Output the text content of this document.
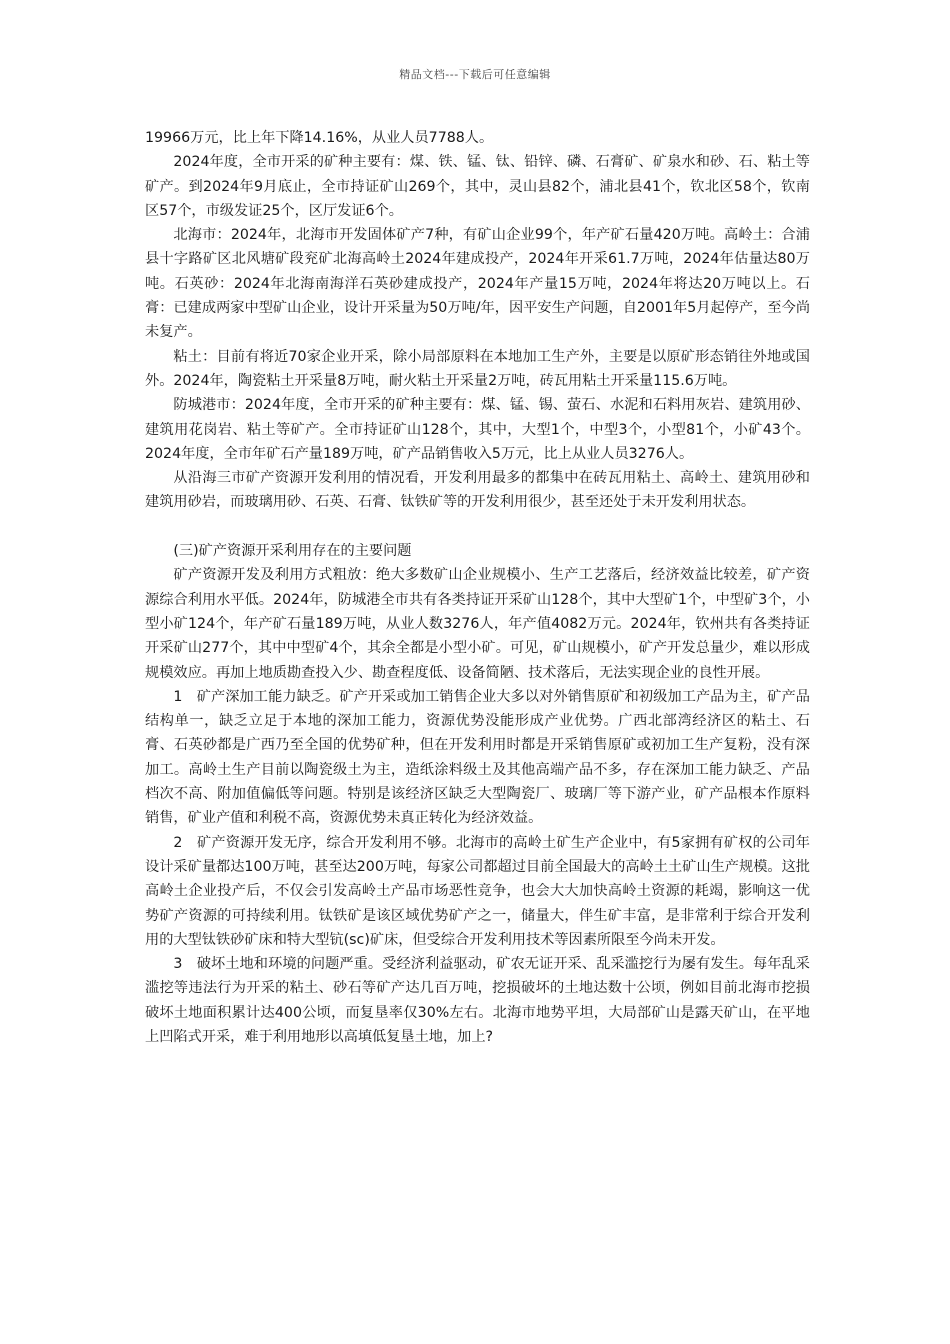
精品文档---下载后可任意编辑

19966万元，比上年下降14.16%，从业人员7788人。

2024年度，全市开采的矿种主要有：煤、铁、锰、钛、铅锌、磷、石膏矿、矿泉水和砂、石、粘土等矿产。到2024年9月底止，全市持证矿山269个，其中，灵山县82个，浦北县41个，钦北区58个，钦南区57个，市级发证25个，区厅发证6个。

北海市：2024年，北海市开发固体矿产7种，有矿山企业99个，年产矿石量420万吨。高岭土：合浦县十字路矿区北风塘矿段兖矿北海高岭土2024年建成投产，2024年开采61.7万吨，2024年估量达80万吨。石英砂：2024年北海南海洋石英砂建成投产，2024年产量15万吨，2024年将达20万吨以上。石膏：已建成两家中型矿山企业，设计开采量为50万吨/年，因平安生产问题，自2001年5月起停产，至今尚未复产。

粘土：目前有将近70家企业开采，除小局部原料在本地加工生产外，主要是以原矿形态销往外地或国外。2024年，陶瓷粘土开采量8万吨，耐火粘土开采量2万吨，砖瓦用粘土开采量115.6万吨。

防城港市：2024年度，全市开采的矿种主要有：煤、锰、锡、萤石、水泥和石料用灰岩、建筑用砂、建筑用花岗岩、粘土等矿产。全市持证矿山128个，其中，大型1个，中型3个，小型81个，小矿43个。2024年度，全市年矿石产量189万吨，矿产品销售收入5万元，比上从业人员3276人。

从沿海三市矿产资源开发利用的情况看，开发利用最多的都集中在砖瓦用粘土、高岭土、建筑用砂和建筑用砂岩，而玻璃用砂、石英、石膏、钛铁矿等的开发利用很少，甚至还处于未开发利用状态。

(三)矿产资源开采利用存在的主要问题

矿产资源开发及利用方式粗放：绝大多数矿山企业规模小、生产工艺落后，经济效益比较差，矿产资源综合利用水平低。2024年，防城港全市共有各类持证开采矿山128个，其中大型矿1个，中型矿3个，小型小矿124个，年产矿石量189万吨，从业人数3276人，年产值4082万元。2024年，钦州共有各类持证开采矿山277个，其中中型矿4个，其余全都是小型小矿。可见，矿山规模小，矿产开发总量少，难以形成规模效应。再加上地质勘查投入少、勘查程度低、设备简陋、技术落后，无法实现企业的良性开展。

1　矿产深加工能力缺乏。矿产开采或加工销售企业大多以对外销售原矿和初级加工产品为主，矿产品结构单一，缺乏立足于本地的深加工能力，资源优势没能形成产业优势。广西北部湾经济区的粘土、石膏、石英砂都是广西乃至全国的优势矿种，但在开发利用时都是开采销售原矿或初加工生产复粉，没有深加工。高岭土生产目前以陶瓷级土为主，造纸涂料级土及其他高端产品不多，存在深加工能力缺乏、产品档次不高、附加值偏低等问题。特别是该经济区缺乏大型陶瓷厂、玻璃厂等下游产业，矿产品根本作原料销售，矿业产值和利税不高，资源优势未真正转化为经济效益。

2　矿产资源开发无序，综合开发利用不够。北海市的高岭土矿生产企业中，有5家拥有矿权的公司年设计采矿量都达100万吨，甚至达200万吨，每家公司都超过目前全国最大的高岭土土矿山生产规模。这批高岭土企业投产后，不仅会引发高岭土产品市场恶性竞争，也会大大加快高岭土资源的耗竭，影响这一优势矿产资源的可持续利用。钛铁矿是该区域优势矿产之一，储量大，伴生矿丰富，是非常利于综合开发利用的大型钛铁砂矿床和特大型钪(sc)矿床，但受综合开发利用技术等因素所限至今尚未开发。

3　破坏土地和环境的问题严重。受经济利益驱动，矿农无证开采、乱采滥挖行为屡有发生。每年乱采滥挖等违法行为开采的粘土、砂石等矿产达几百万吨，挖损破坏的土地达数十公顷，例如目前北海市挖损破坏土地面积累计达400公顷，而复垦率仅30%左右。北海市地势平坦，大局部矿山是露天矿山，在平地上凹陷式开采，难于利用地形以高填低复垦土地，加上?
